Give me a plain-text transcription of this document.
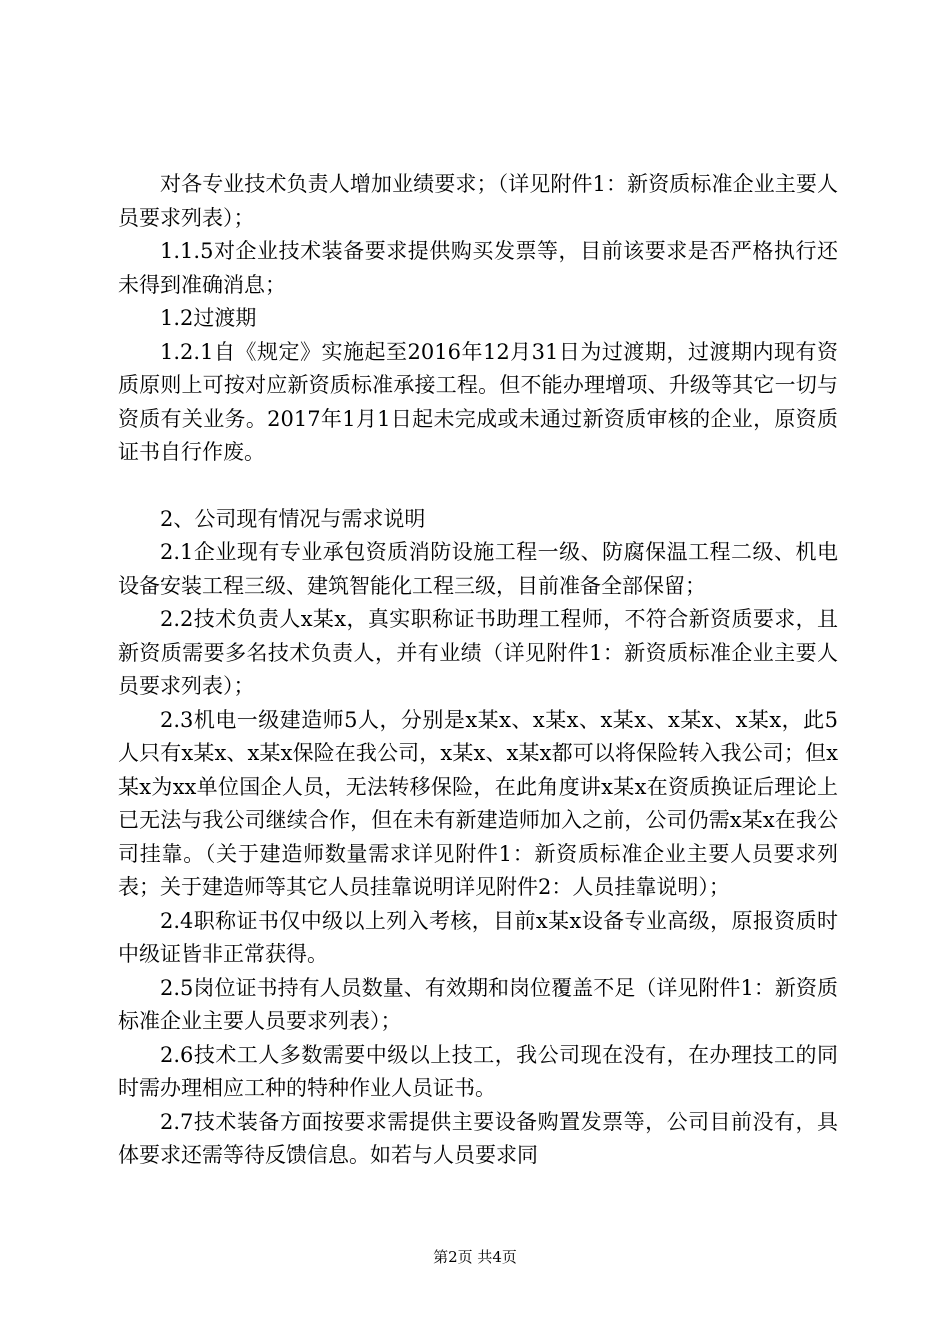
对各专业技术负责人增加业绩要求；（详见附件1：新资质标准企业主要人员要求列表）；

1.1.5对企业技术装备要求提供购买发票等，目前该要求是否严格执行还未得到准确消息；

1.2过渡期

1.2.1自《规定》实施起至2016年12月31日为过渡期，过渡期内现有资质原则上可按对应新资质标准承接工程。但不能办理增项、升级等其它一切与资质有关业务。2017年1月1日起未完成或未通过新资质审核的企业，原资质证书自行作废。

2、公司现有情况与需求说明

2.1企业现有专业承包资质消防设施工程一级、防腐保温工程二级、机电设备安装工程三级、建筑智能化工程三级，目前准备全部保留；

2.2技术负责人x某x，真实职称证书助理工程师，不符合新资质要求，且新资质需要多名技术负责人，并有业绩（详见附件1：新资质标准企业主要人员要求列表）；

2.3机电一级建造师5人，分别是x某x、x某x、x某x、x某x、x某x，此5人只有x某x、x某x保险在我公司，x某x、x某x都可以将保险转入我公司；但x某x为xx单位国企人员，无法转移保险，在此角度讲x某x在资质换证后理论上已无法与我公司继续合作，但在未有新建造师加入之前，公司仍需x某x在我公司挂靠。（关于建造师数量需求详见附件1：新资质标准企业主要人员要求列表；关于建造师等其它人员挂靠说明详见附件2：人员挂靠说明）；

2.4职称证书仅中级以上列入考核，目前x某x设备专业高级，原报资质时中级证皆非正常获得。

2.5岗位证书持有人员数量、有效期和岗位覆盖不足（详见附件1：新资质标准企业主要人员要求列表）；

2.6技术工人多数需要中级以上技工，我公司现在没有，在办理技工的同时需办理相应工种的特种作业人员证书。

2.7技术装备方面按要求需提供主要设备购置发票等，公司目前没有，具体要求还需等待反馈信息。如若与人员要求同

第2页 共4页
